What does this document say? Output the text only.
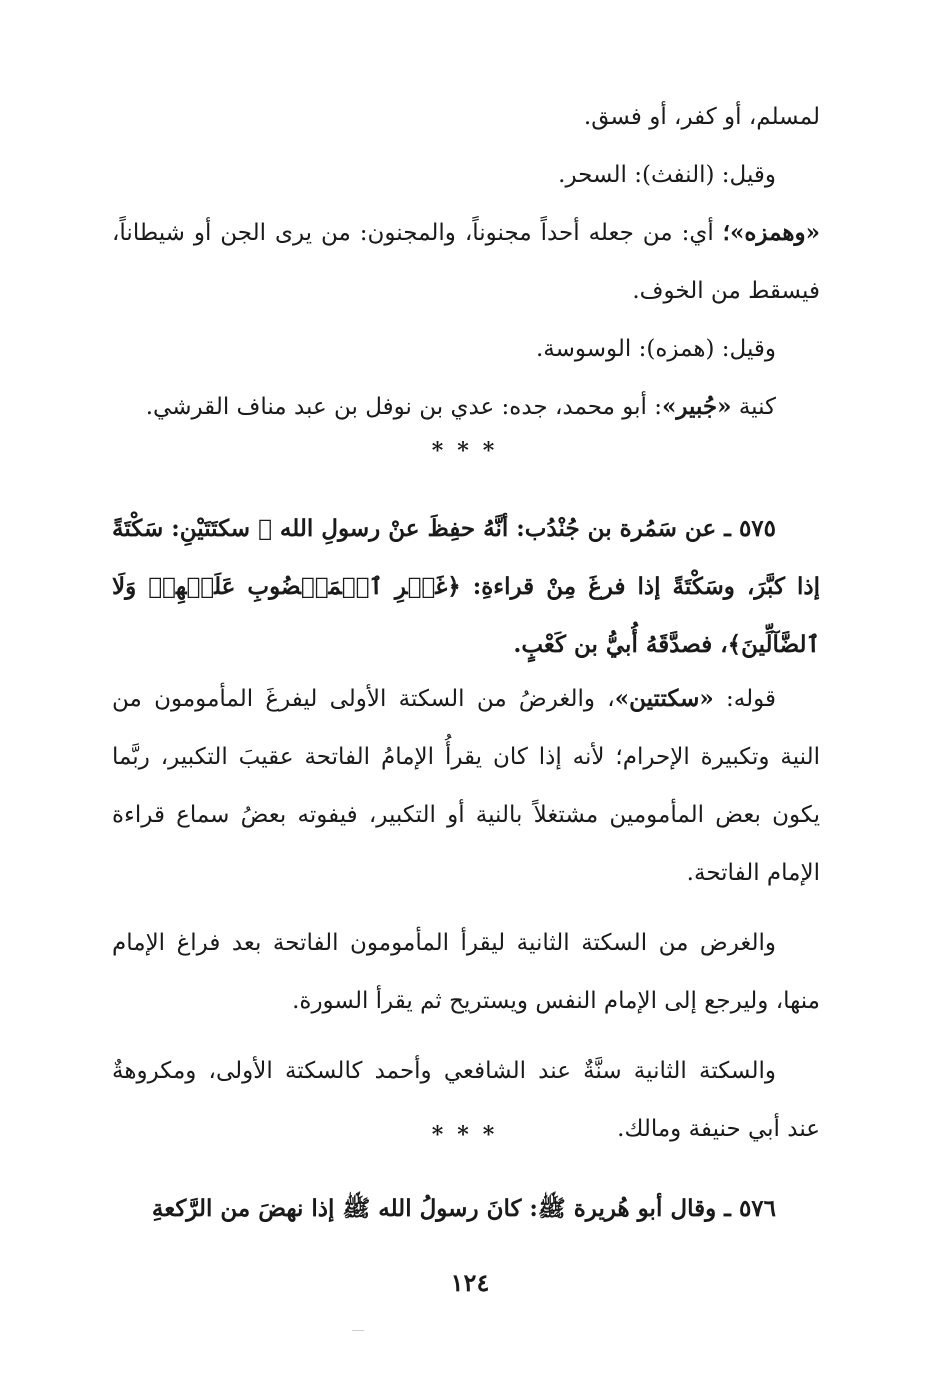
لمسلم، أو كفر، أو فسق.

وقيل: (النفث): السحر.

«وهمزه»؛ أي: من جعله أحداً مجنوناً، والمجنون: من يرى الجن أو شيطاناً، فيسقط من الخوف.

وقيل: (همزه): الوسوسة.

كنية «جُبير»: أبو محمد، جده: عدي بن نوفل بن عبد مناف القرشي.

***

٥٧٥ ـ عن سَمُرة بن جُنْدُب: أنَّهُ حفِظَ عنْ رسولِ الله ﷺ سكتَتَيْنِ: سَكْتَةً إذا كبَّرَ، وسَكْتَةً إذا فرغَ مِنْ قراءةِ: ﴿غَيۡرِ ٱلۡمَغۡضُوبِ عَلَيۡهِمۡ وَلَا ٱلضَّآلِّينَ﴾، فصدَّقَهُ أُبيُّ بن كَعْبٍ.

قوله: «سكتتين»، والغرضُ من السكتة الأولى ليفرغَ المأمومون من النية وتكبيرة الإحرام؛ لأنه إذا كان يقرأُ الإمامُ الفاتحة عقيبَ التكبير، ربَّما يكون بعض المأمومين مشتغلاً بالنية أو التكبير، فيفوته بعضُ سماع قراءة الإمام الفاتحة.

والغرض من السكتة الثانية ليقرأ المأمومون الفاتحة بعد فراغ الإمام منها، وليرجع إلى الإمام النفس ويستريح ثم يقرأ السورة.

والسكتة الثانية سنَّةٌ عند الشافعي وأحمد كالسكتة الأولى، ومكروهةٌ عند أبي حنيفة ومالك.

***

٥٧٦ ـ وقال أبو هُريرة ﷺ: كانَ رسولُ الله ﷺ إذا نهضَ من الرَّكعةِ

١٢٤
